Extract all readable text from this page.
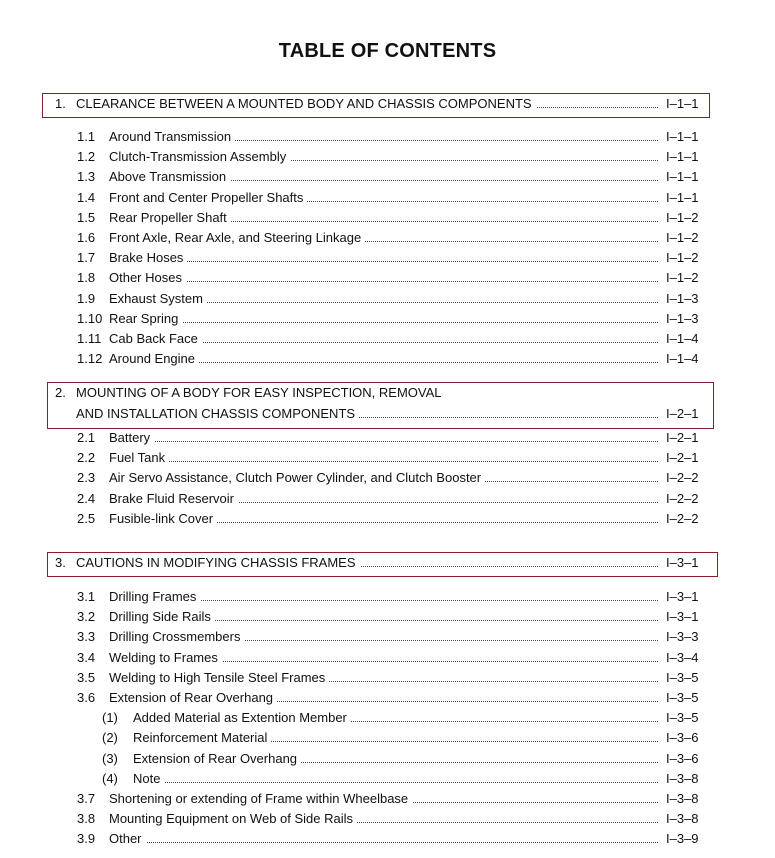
TABLE OF CONTENTS
1. CLEARANCE BETWEEN A MOUNTED BODY AND CHASSIS COMPONENTS	I–1–1
1.1 Around Transmission	I–1–1
1.2 Clutch-Transmission Assembly	I–1–1
1.3 Above Transmission	I–1–1
1.4 Front and Center Propeller Shafts	I–1–1
1.5 Rear Propeller Shaft	I–1–2
1.6 Front Axle, Rear Axle, and Steering Linkage	I–1–2
1.7 Brake Hoses	I–1–2
1.8 Other Hoses	I–1–2
1.9 Exhaust System	I–1–3
1.10 Rear Spring	I–1–3
1.11 Cab Back Face	I–1–4
1.12 Around Engine	I–1–4
2. MOUNTING OF A BODY FOR EASY INSPECTION, REMOVAL
AND INSTALLATION CHASSIS COMPONENTS	I–2–1
2.1 Battery	I–2–1
2.2 Fuel Tank	I–2–1
2.3 Air Servo Assistance, Clutch Power Cylinder, and Clutch Booster	I–2–2
2.4 Brake Fluid Reservoir	I–2–2
2.5 Fusible-link Cover	I–2–2
3. CAUTIONS IN MODIFYING CHASSIS FRAMES	I–3–1
3.1 Drilling Frames	I–3–1
3.2 Drilling Side Rails	I–3–1
3.3 Drilling Crossmembers	I–3–3
3.4 Welding to Frames	I–3–4
3.5 Welding to High Tensile Steel Frames	I–3–5
3.6 Extension of Rear Overhang	I–3–5
(1) Added Material as Extention Member	I–3–5
(2) Reinforcement Material	I–3–6
(3) Extension of Rear Overhang	I–3–6
(4) Note	I–3–8
3.7 Shortening or extending of Frame within Wheelbase	I–3–8
3.8 Mounting Equipment on Web of Side Rails	I–3–8
3.9 Other	I–3–9
